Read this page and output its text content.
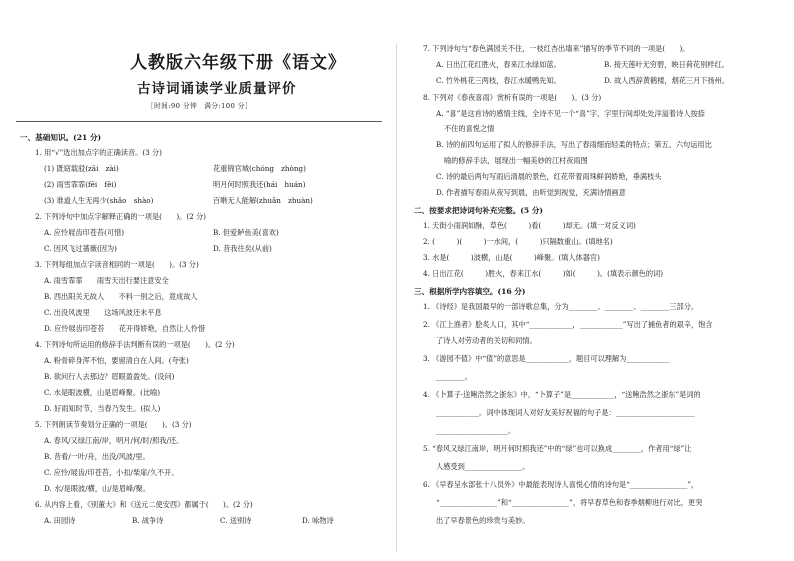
人教版六年级下册《语文》
古诗词诵读学业质量评价
［时间:90 分钟　满分:100 分］
一、基础知识。(21 分)
1. 用“√”选出加点字的正确读音。(3 分)
(1) 既窈载驳(zāi　zài)	花重锦官城(chóng　zhòng)
(2) 雨雪霏霏(fēi　fěi)	明月何时照我还(hái　huán)
(3) 谁道人生无再少(shǎo　shào)	百啭无人能解(zhuǎn　zhuàn)
2. 下列诗句中加点字解释正确的一项是(　　)。(2 分)
A. 应怜屐齿印苍苔(可惜)	B. 但爱鲈鱼美(喜欢)
C. 因风飞过蔷薇(因为)	D. 昔我往矣(从前)
3. 下列每组加点字读音相同的一项是(　　)。(3 分)
A. 雨雪霏霏　　雨雪天出行要注意安全
B. 西出阳关无故人　　不料一别之后，竟成故人
C. 出没风波里　　这场风波还未平息
D. 应怜屐齿印苍苔　　花开得娇艳，自然让人怜惜
4. 下列诗句所运用的修辞手法判断有误的一项是(　　)。(2 分)
A. 粉骨碎身浑不怕，要留清白在人间。(夸张)
B. 欲问行人去那边？眉眼盈盈处。(设问)
C. 水是眼波横，山是眉峰聚。(比喻)
D. 好雨知时节，当春乃发生。(拟人)
5. 下列朗读节奏划分正确的一项是(　　)。(3 分)
A. 春风/又绿江南/岸，明月/何/时/照我/还。
B. 昔看/一叶/舟，出没/风波/里。
C. 应怜/屐齿/印苍苔，小扣/柴扉/久不开。
D. 水/是眼波/横，山/是眉峰/聚。
6. 从内容上看，《别董大》和《送元二使安西》都属于(　　)。(2 分)
A. 田园诗	B. 战争诗	C. 送别诗	D. 咏物诗
7. 下列诗句与“春色满园关不住，一枝红杏出墙来”描写的季节不同的一项是(　　)。
A. 日出江花红胜火，春来江水绿如蓝。	B. 接天莲叶无穷碧，映日荷花别样红。
C. 竹外桃花三两枝，春江水暖鸭先知。	D. 故人西辞黄鹤楼，烟花三月下扬州。
8. 下列对《春夜喜雨》赏析有误的一项是(　　)。(3 分)
A. “喜”是这首诗的感情主线，全诗不见一个“喜”字，字里行间却处处洋溢着诗人按捺
不住的喜悦之情
B. 诗的前四句运用了拟人的修辞手法，写出了春雨细而轻柔的特点；第五、六句运用比
喻的修辞手法，展现出一幅美妙的江村夜雨图
C. 诗的最后两句写雨后清晨的景色，红花带着雨珠鲜润娇艳，垂满枝头
D. 作者描写春雨从夜写到晨，由听觉到视觉，充满诗情画意
二、按要求把诗词句补充完整。(5 分)
1. 天街小雨润如酥，草色(　　　)看(　　　)却无。(填一对反义词)
2. (　　　)(　　　)一水间，(　　　)只隔数重山。(填地名)
3. 水是(　　　)波横，山是(　　　)峰聚。(填人体器官)
4. 日出江花(　　　)胜火，春来江水(　　　)如(　　　)。(填表示颜色的词)
三、根据所学内容填空。(16 分)
1. 《诗经》是我国最早的一部诗歌总集，分为________、________、________三部分。
2. 《江上渔者》脍炙人口，其中“____________，____________”写出了捕鱼者的艰辛，饱含
了诗人对劳动者的关切和同情。
3. 《游园不值》中“值”的意思是____________，题目可以理解为____________
________。
4. 《卜算子·送鲍浩然之浙东》中，“卜算子”是____________，“送鲍浩然之浙东”是词的
____________。词中体现词人对好友美好祝福的句子是：______________________
____________________。
5. “春风又绿江南岸，明月何时照我还”中的“绿”也可以换成________，作者用“绿”让
人感受到________________。
6. 《早春呈水部张十八员外》中最能表现诗人喜悦心情的诗句是“________________”，
“________________”和“________________”，将早春草色和春季烟柳进行对比，更突
出了早春景色的珍贵与美妙。
